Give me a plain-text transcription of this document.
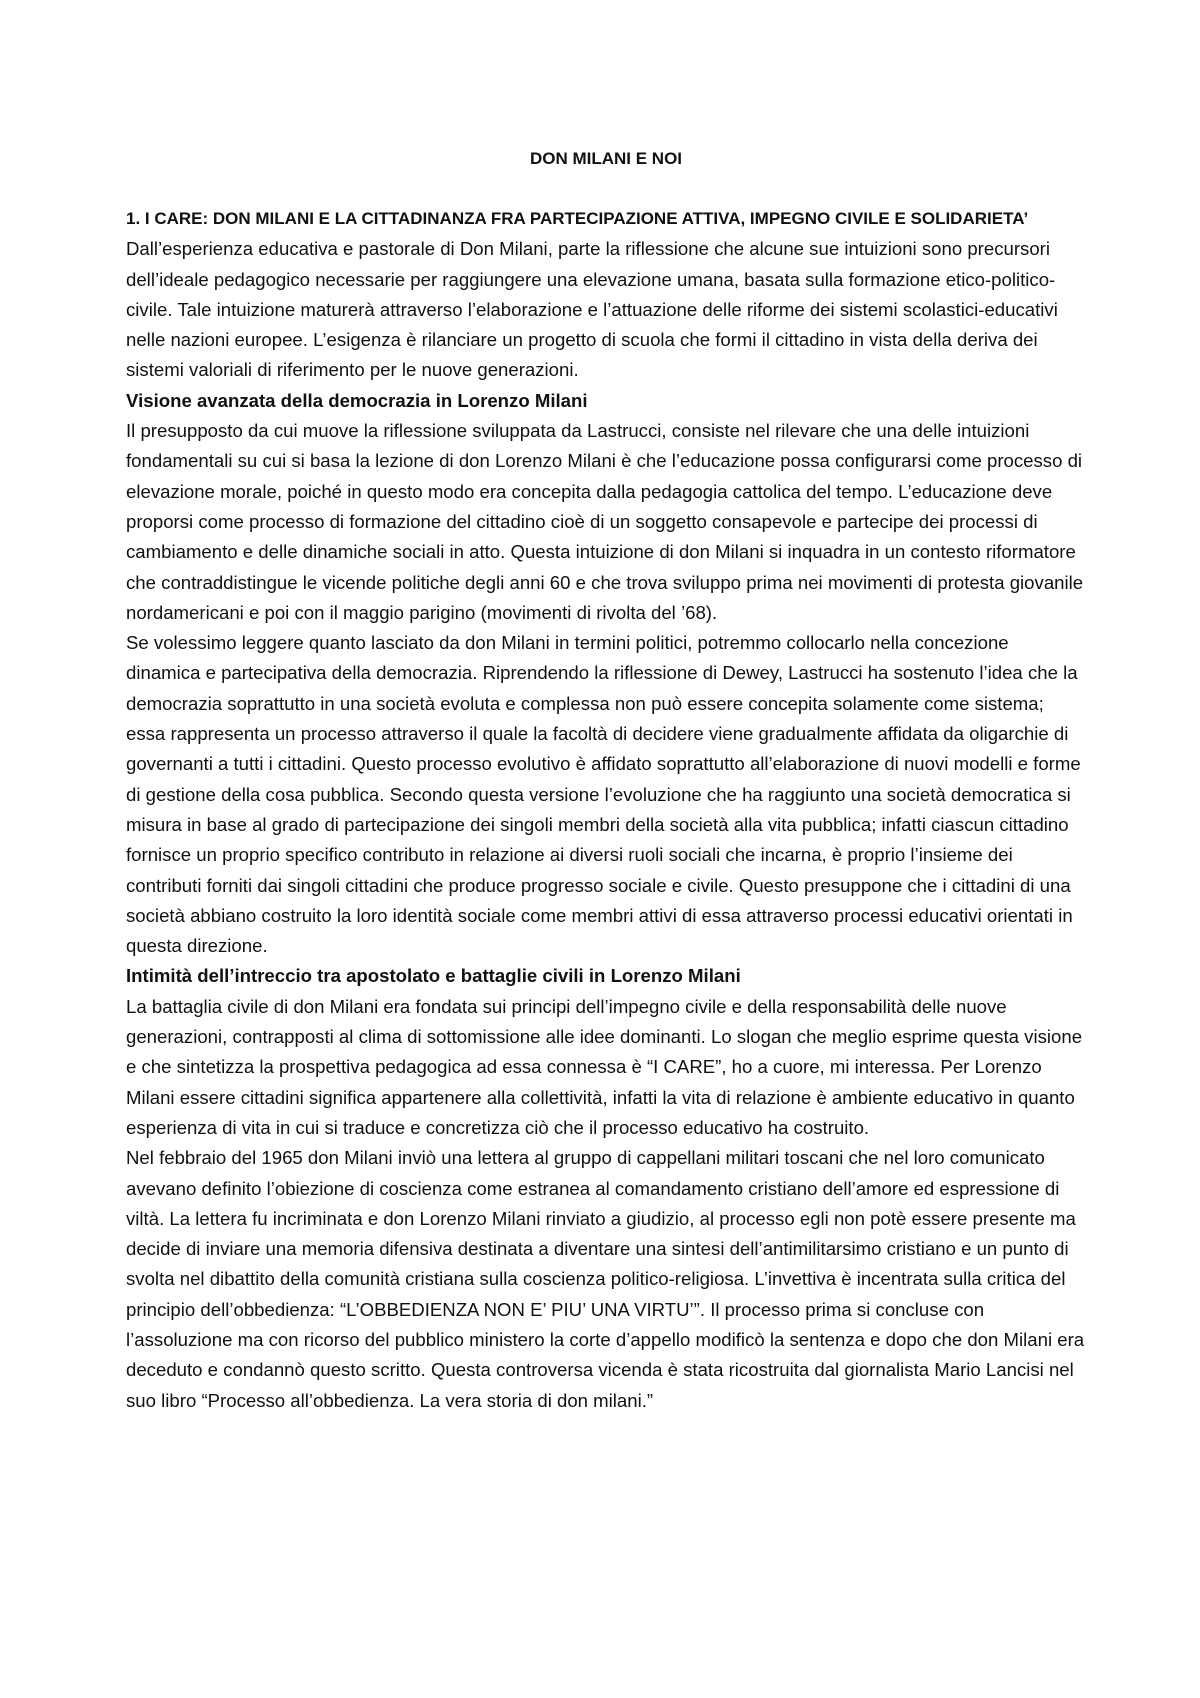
DON MILANI E NOI
1. I CARE: DON MILANI E LA CITTADINANZA FRA PARTECIPAZIONE ATTIVA, IMPEGNO CIVILE E SOLIDARIETA’

Dall’esperienza educativa e pastorale di Don Milani, parte la riflessione che alcune sue intuizioni sono precursori dell’ideale pedagogico necessarie per raggiungere una elevazione umana, basata sulla formazione etico-politico-civile. Tale intuizione maturerà attraverso l’elaborazione e l’attuazione delle riforme dei sistemi scolastici-educativi nelle nazioni europee. L’esigenza è rilanciare un progetto di scuola che formi il cittadino in vista della deriva dei sistemi valoriali di riferimento per le nuove generazioni.

Visione avanzata della democrazia in Lorenzo Milani

Il presupposto da cui muove la riflessione sviluppata da Lastrucci, consiste nel rilevare che una delle intuizioni fondamentali su cui si basa la lezione di don Lorenzo Milani è che l’educazione possa configurarsi come processo di elevazione morale, poiché in questo modo era concepita dalla pedagogia cattolica del tempo. L’educazione deve proporsi come processo di formazione del cittadino cioè di un soggetto consapevole e partecipe dei processi di cambiamento e delle dinamiche sociali in atto. Questa intuizione di don Milani si inquadra in un contesto riformatore che contraddistingue le vicende politiche degli anni 60 e che trova sviluppo prima nei movimenti di protesta giovanile nordamericani e poi con il maggio parigino (movimenti di rivolta del ’68).

Se volessimo leggere quanto lasciato da don Milani in termini politici, potremmo collocarlo nella concezione dinamica e partecipativa della democrazia. Riprendendo la riflessione di Dewey, Lastrucci ha sostenuto l’idea che la democrazia soprattutto in una società evoluta e complessa non può essere concepita solamente come sistema; essa rappresenta un processo attraverso il quale la facoltà di decidere viene gradualmente affidata da oligarchie di governanti a tutti i cittadini. Questo processo evolutivo è affidato soprattutto all’elaborazione di nuovi modelli e forme di gestione della cosa pubblica. Secondo questa versione l’evoluzione che ha raggiunto una società democratica si misura in base al grado di partecipazione dei singoli membri della società alla vita pubblica; infatti ciascun cittadino fornisce un proprio specifico contributo in relazione ai diversi ruoli sociali che incarna, è proprio l’insieme dei contributi forniti dai singoli cittadini che produce progresso sociale e civile. Questo presuppone che i cittadini di una società abbiano costruito la loro identità sociale come membri attivi di essa attraverso processi educativi orientati in questa direzione.

Intimità dell’intreccio tra apostolato e battaglie civili in Lorenzo Milani

La battaglia civile di don Milani era fondata sui principi dell’impegno civile e della responsabilità delle nuove generazioni, contrapposti al clima di sottomissione alle idee dominanti. Lo slogan che meglio esprime questa visione e che sintetizza la prospettiva pedagogica ad essa connessa è “I CARE”, ho a cuore, mi interessa. Per Lorenzo Milani essere cittadini significa appartenere alla collettività, infatti la vita di relazione è ambiente educativo in quanto esperienza di vita in cui si traduce e concretizza ciò che il processo educativo ha costruito.

Nel febbraio del 1965 don Milani inviò una lettera al gruppo di cappellani militari toscani che nel loro comunicato avevano definito l’obiezione di coscienza come estranea al comandamento cristiano dell’amore ed espressione di viltà. La lettera fu incriminata e don Lorenzo Milani rinviato a giudizio, al processo egli non potè essere presente ma decide di inviare una memoria difensiva destinata a diventare una sintesi dell’antimilitarsimo cristiano e un punto di svolta nel dibattito della comunità cristiana sulla coscienza politico-religiosa. L’invettiva è incentrata sulla critica del principio dell’obbedienza: “L’OBBEDIENZA NON E’ PIU’ UNA VIRTU’”. Il processo prima si concluse con l’assoluzione ma con ricorso del pubblico ministero la corte d’appello modificò la sentenza e dopo che don Milani era deceduto e condannò questo scritto. Questa controversa vicenda è stata ricostruita dal giornalista Mario Lancisi nel suo libro “Processo all’obbedienza. La vera storia di don milani.”
